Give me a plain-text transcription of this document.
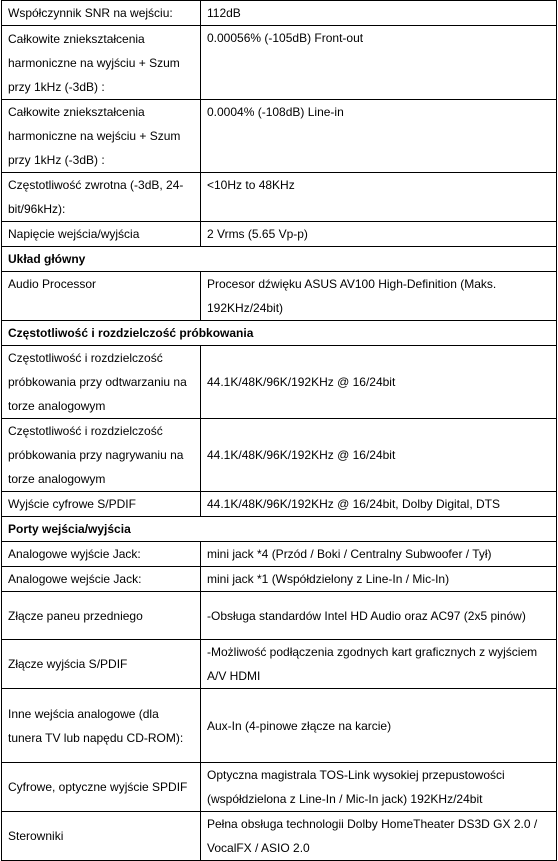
Współczynnik SNR na wejściu:	112dB
Całkowite zniekształcenia harmoniczne na wyjściu + Szum przy 1kHz (-3dB) :	0.00056% (-105dB) Front-out
Całkowite zniekształcenia harmoniczne na wejściu + Szum przy 1kHz (-3dB) :	0.0004% (-108dB) Line-in
Częstotliwość zwrotna (-3dB, 24-bit/96kHz):	<10Hz to 48KHz
Napięcie wejścia/wyjścia	2 Vrms (5.65 Vp-p)
Układ główny	
Audio Processor	Procesor dźwięku ASUS AV100 High-Definition (Maks. 192KHz/24bit)
Częstotliwość i rozdzielczość próbkowania	
Częstotliwość i rozdzielczość próbkowania przy odtwarzaniu na torze analogowym	44.1K/48K/96K/192KHz @ 16/24bit
Częstotliwość i rozdzielczość próbkowania przy nagrywaniu na torze analogowym	44.1K/48K/96K/192KHz @ 16/24bit
Wyjście cyfrowe S/PDIF	44.1K/48K/96K/192KHz @ 16/24bit, Dolby Digital, DTS
Porty wejścia/wyjścia	
Analogowe wyjście Jack:	mini jack *4 (Przód / Boki / Centralny Subwoofer / Tył)
Analogowe wejście Jack:	mini jack *1 (Współdzielony z Line-In / Mic-In)
Złącze paneu przedniego	-Obsługa standardów Intel HD Audio oraz AC97 (2x5 pinów)
Złącze wyjścia S/PDIF	-Możliwość podłączenia zgodnych kart graficznych z wyjściem A/V HDMI
Inne wejścia analogowe (dla tunera TV lub napędu CD-ROM):	Aux-In (4-pinowe złącze na karcie)
Cyfrowe, optyczne wyjście SPDIF	Optyczna magistrala TOS-Link wysokiej przepustowości (współdzielona z Line-In / Mic-In jack) 192KHz/24bit
Sterowniki	Pełna obsługa technologii Dolby HomeTheater DS3D GX 2.0 / VocalFX / ASIO 2.0
